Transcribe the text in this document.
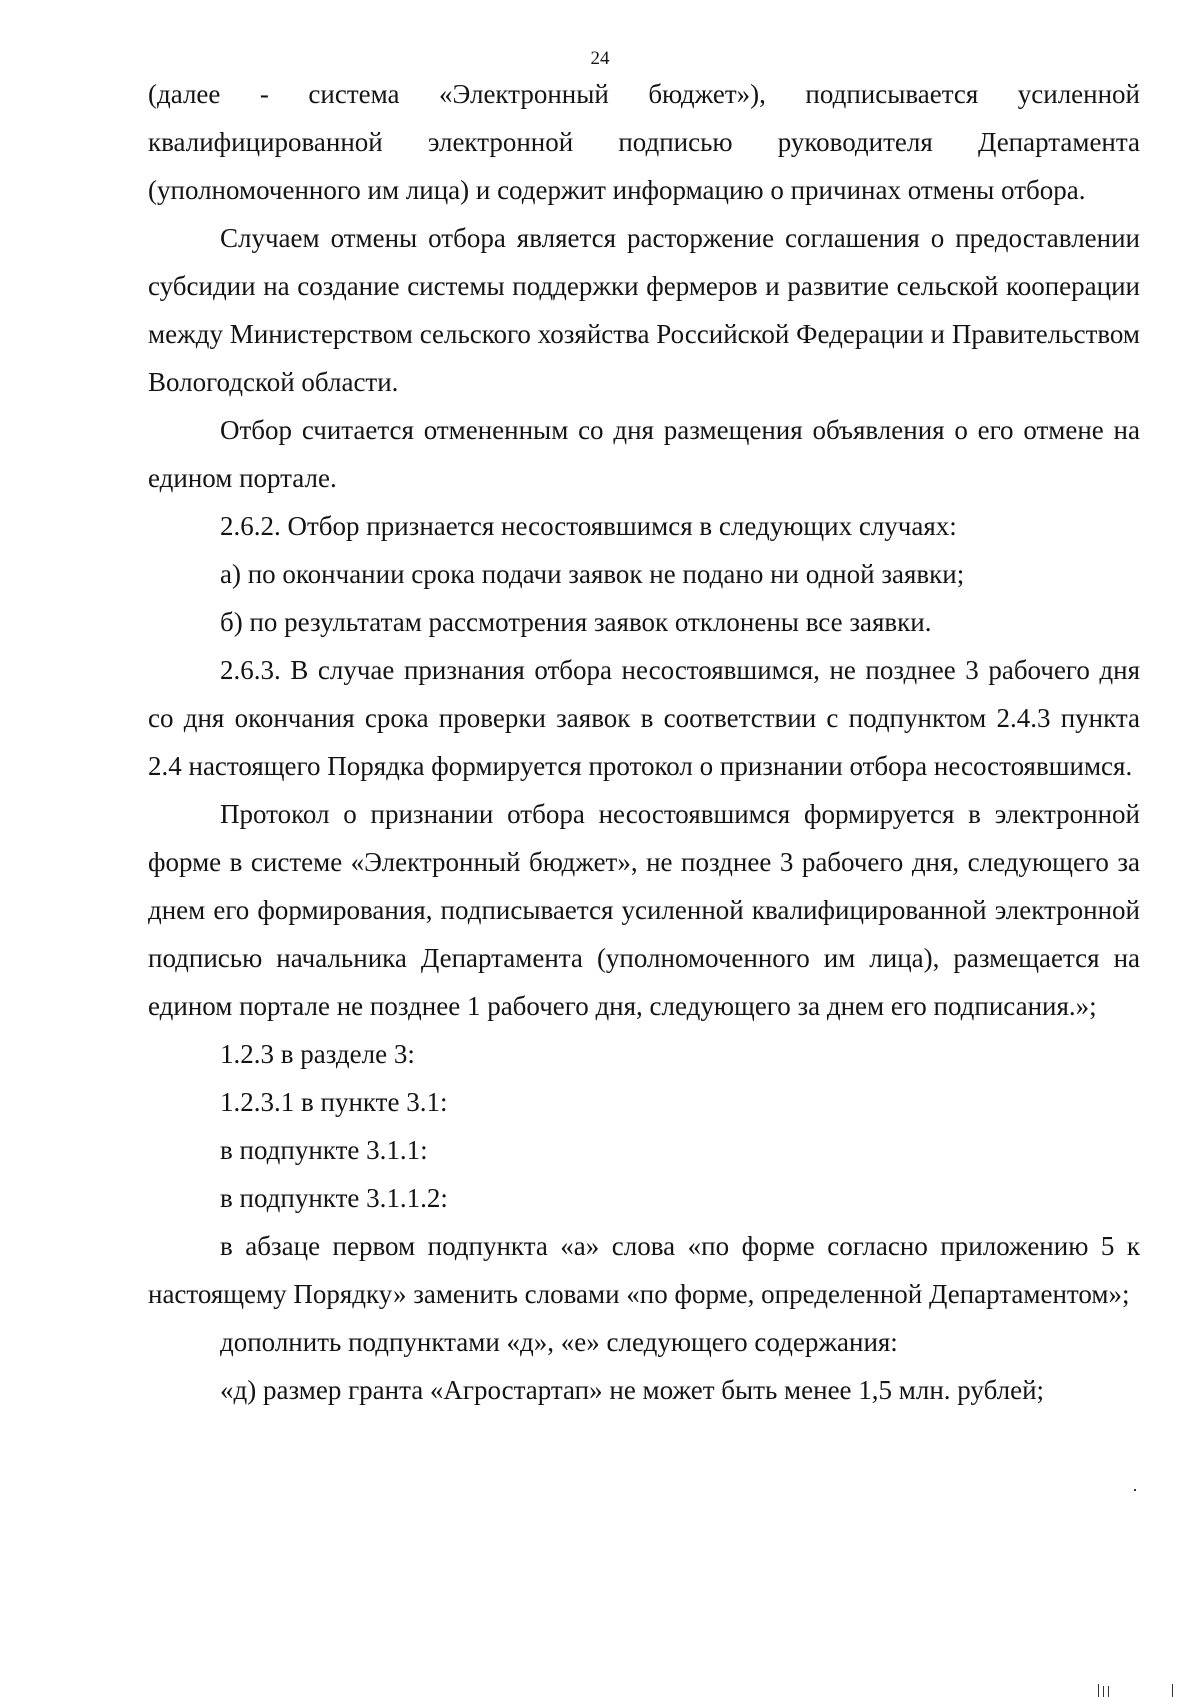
24

(далее - система «Электронный бюджет»), подписывается усиленной квалифицированной электронной подписью руководителя Департамента (уполномоченного им лица) и содержит информацию о причинах отмены отбора.

Случаем отмены отбора является расторжение соглашения о предоставлении субсидии на создание системы поддержки фермеров и развитие сельской кооперации между Министерством сельского хозяйства Российской Федерации и Правительством Вологодской области.

Отбор считается отмененным со дня размещения объявления о его отмене на едином портале.

2.6.2. Отбор признается несостоявшимся в следующих случаях:

а) по окончании срока подачи заявок не подано ни одной заявки;

б) по результатам рассмотрения заявок отклонены все заявки.

2.6.3. В случае признания отбора несостоявшимся, не позднее 3 рабочего дня со дня окончания срока проверки заявок в соответствии с подпунктом 2.4.3 пункта 2.4 настоящего Порядка формируется протокол о признании отбора несостоявшимся.

Протокол о признании отбора несостоявшимся формируется в электронной форме в системе «Электронный бюджет», не позднее 3 рабочего дня, следующего за днем его формирования, подписывается усиленной квалифицированной электронной подписью начальника Департамента (уполномоченного им лица), размещается на едином портале не позднее 1 рабочего дня, следующего за днем его подписания.»;

1.2.3 в разделе 3:

1.2.3.1 в пункте 3.1:

в подпункте 3.1.1:

в подпункте 3.1.1.2:

в абзаце первом подпункта «а» слова «по форме согласно приложению 5 к настоящему Порядку» заменить словами «по форме, определенной Департаментом»;

дополнить подпунктами «д», «е» следующего содержания:

«д) размер гранта «Агростартап» не может быть менее 1,5 млн. рублей;
